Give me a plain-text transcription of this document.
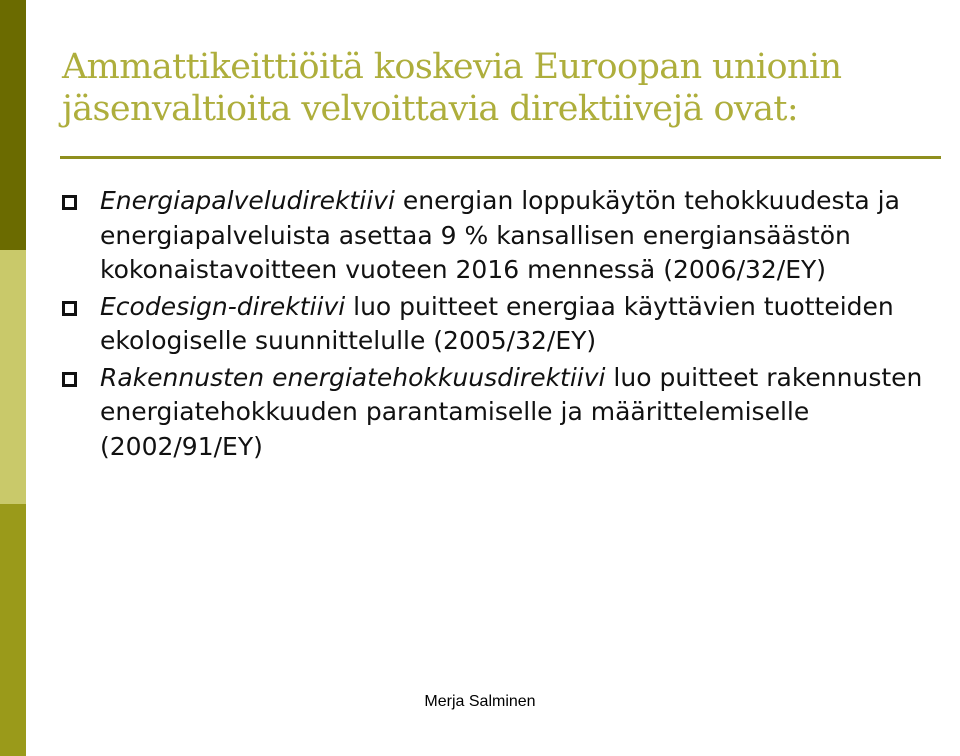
Ammattikeittiöitä koskevia Euroopan unionin jäsenvaltioita velvoittavia direktiivejä ovat:
Energiapalveludirektiivi energian loppukäytön tehokkuudesta ja energiapalveluista asettaa 9 % kansallisen energiansäästön kokonaistavoitteen vuoteen 2016 mennessä (2006/32/EY)
Ecodesign-direktiivi luo puitteet energiaa käyttävien tuotteiden ekologiselle suunnittelulle (2005/32/EY)
Rakennusten energiatehokkuusdirektiivi luo puitteet rakennusten energiatehokkuuden parantamiselle ja määrittelemiselle (2002/91/EY)
Merja Salminen
